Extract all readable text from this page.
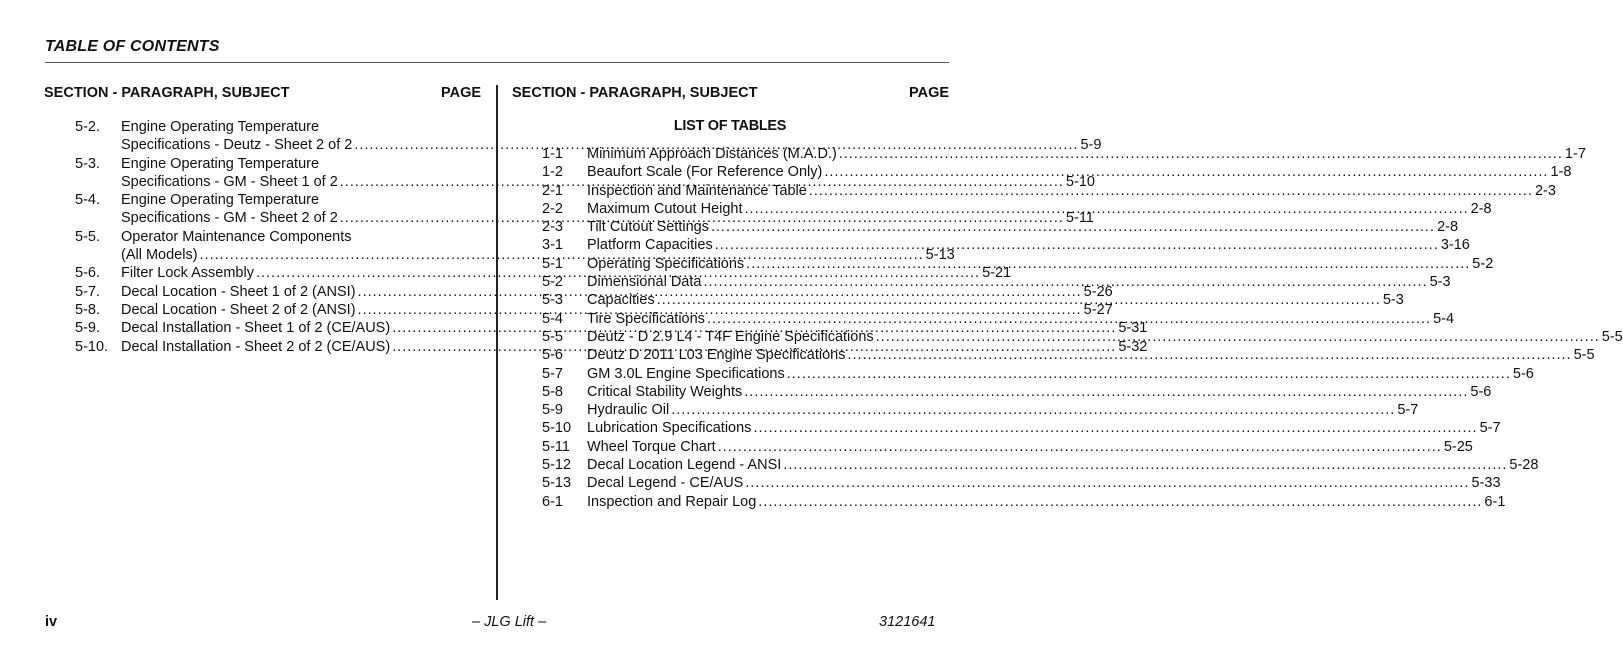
TABLE OF CONTENTS
SECTION - PARAGRAPH, SUBJECT	PAGE SECTION - PARAGRAPH, SUBJECT	PAGE
LIST OF TABLES
5-2.	Engine Operating Temperature
Specifications - Deutz - Sheet 2 of 2 .....	5-9
5-3.	Engine Operating Temperature
Specifications - GM - Sheet 1 of 2 .....	5-10
5-4.	Engine Operating Temperature
Specifications - GM - Sheet 2 of 2 .....	5-11
5-5.	Operator Maintenance Components
(All Models) .....	5-13
5-6.	Filter Lock Assembly .....	5-21
5-7.	Decal Location - Sheet 1 of 2 (ANSI) .....	5-26
5-8.	Decal Location - Sheet 2 of 2 (ANSI) .....	5-27
5-9.	Decal Installation - Sheet 1 of 2 (CE/AUS) .....	5-31
5-10. Decal Installation - Sheet 2 of 2 (CE/AUS) .....	5-32
1-1	Minimum Approach Distances (M.A.D.) .....	1-7
1-2	Beaufort Scale (For Reference Only) .....	1-8
2-1	Inspection and Maintenance Table .....	2-3
2-2	Maximum Cutout Height .....	2-8
2-3	Tilt Cutout Settings .....	2-8
3-1	Platform Capacities .....	3-16
5-1	Operating Specifications .....	5-2
5-2	Dimensional Data .....	5-3
5-3	Capacities .....	5-3
5-4	Tire Specifications .....	5-4
5-5	Deutz - D 2.9 L4 - T4F Engine Specifications .....	5-5
5-6	Deutz D 2011 L03 Engine Specifications .....	5-5
5-7	GM 3.0L Engine Specifications .....	5-6
5-8	Critical Stability Weights .....	5-6
5-9	Hydraulic Oil .....	5-7
5-10	Lubrication Specifications .....	5-7
5-11	Wheel Torque Chart .....	5-25
5-12	Decal Location Legend - ANSI .....	5-28
5-13	Decal Legend - CE/AUS .....	5-33
6-1	Inspection and Repair Log .....	6-1
iv	– JLG Lift –	3121641
